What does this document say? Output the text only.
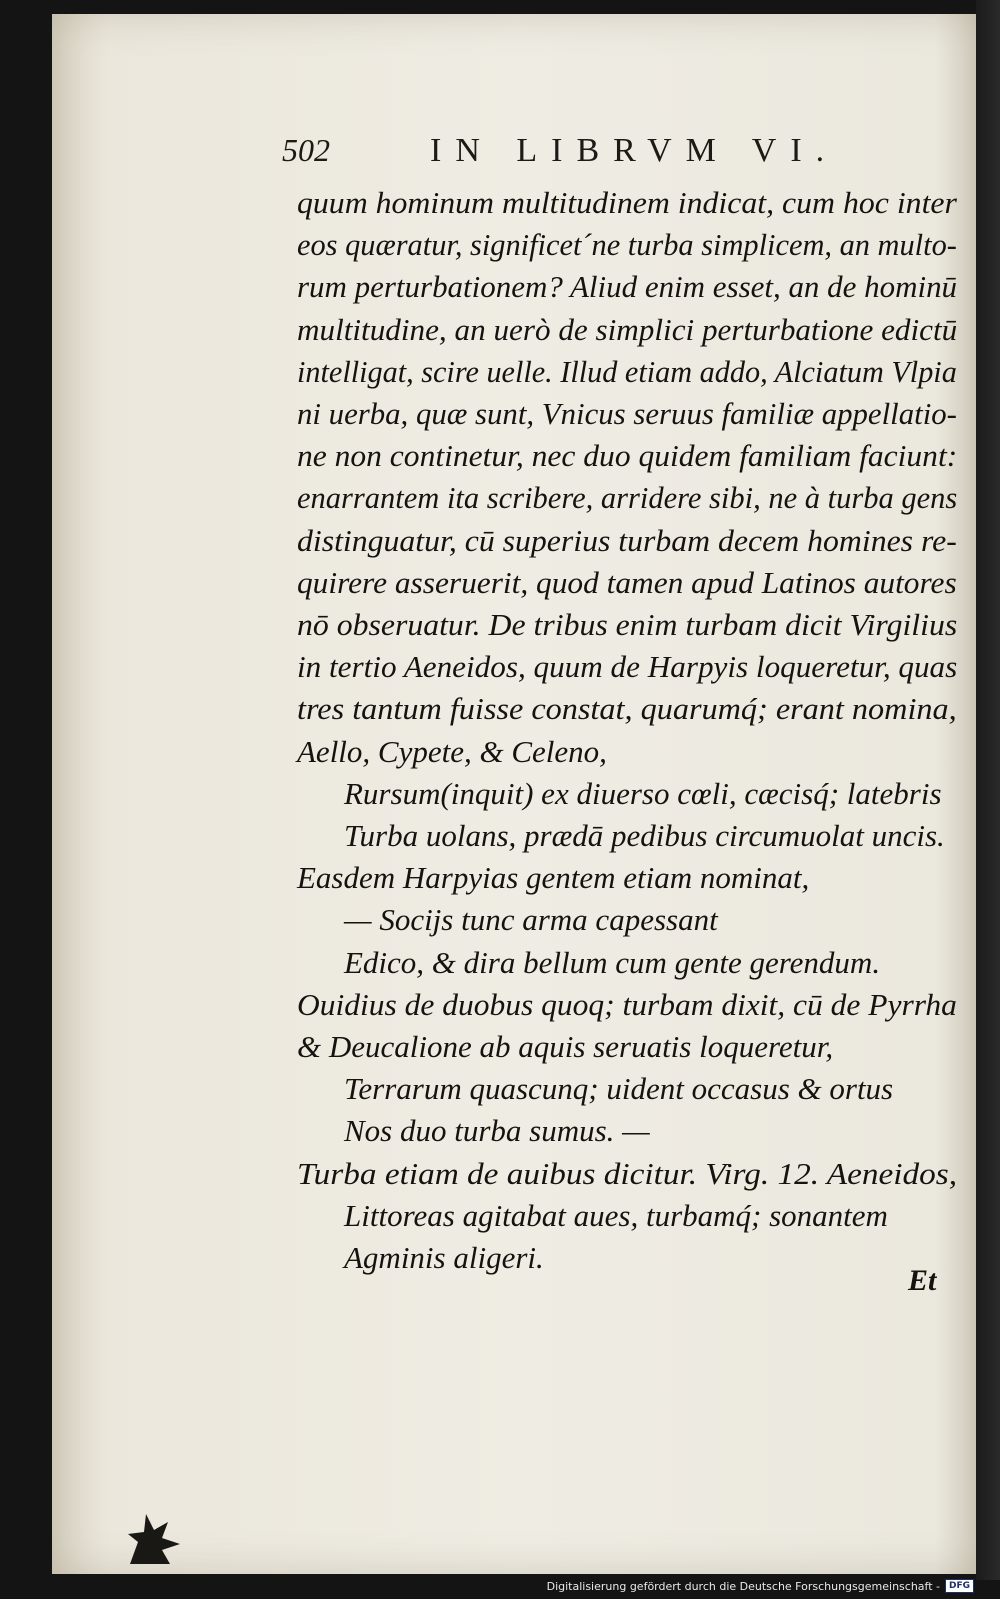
502	IN LIBRVM VI.
quum hominum multitudinem indicat, cum hoc inter
eos quæratur, significet´ne turba simplicem, an multo-
rum perturbationem? Aliud enim esset, an de hominū
multitudine, an uerò de simplici perturbatione edictū
intelligat, scire uelle. Illud etiam addo, Alciatum Vlpia
ni uerba, quæ sunt, Vnicus seruus familiæ appellatio-
ne non continetur, nec duo quidem familiam faciunt:
enarrantem ita scribere, arridere sibi, ne à turba gens
distinguatur, cū superius turbam decem homines re-
quirere asseruerit, quod tamen apud Latinos autores
nō obseruatur. De tribus enim turbam dicit Virgilius
in tertio Aeneidos, quum de Harpyis loqueretur, quas
tres tantum fuisse constat, quarumq́; erant nomina,
Aello, Cypete, & Celeno,
Rursum(inquit) ex diuerso cœli, cæcisq́; latebris
Turba uolans, prædā pedibus circumuolat uncis.
Easdem Harpyias gentem etiam nominat,
— Socijs tunc arma capessant
Edico, & dira bellum cum gente gerendum.
Ouidius de duobus quoq; turbam dixit, cū de Pyrrha
& Deucalione ab aquis seruatis loqueretur,
Terrarum quascunq; uident occasus & ortus
Nos duo turba sumus. —
Turba etiam de auibus dicitur. Virg. 12. Aeneidos,
Littoreas agitabat aues, turbamq́; sonantem
Agminis aligeri.
Et
Digitalisierung gefördert durch die Deutsche Forschungsgemeinschaft -	DFG
